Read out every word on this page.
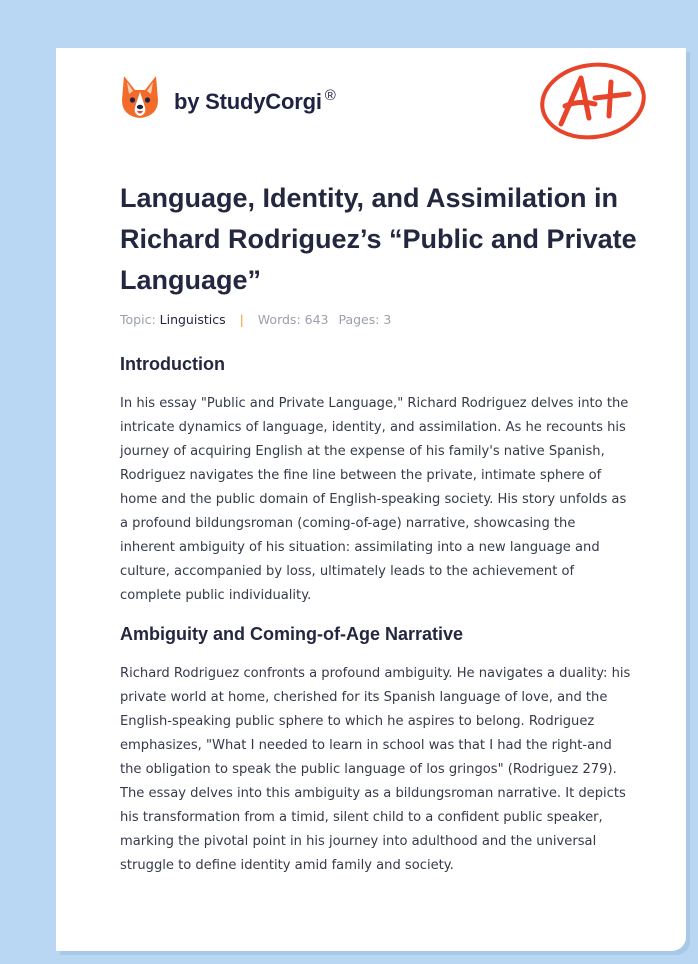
by StudyCorgi ®
Language, Identity, and Assimilation in Richard Rodriguez’s “Public and Private Language”
Topic: Linguistics | Words: 643 Pages: 3
Introduction

In his essay "Public and Private Language," Richard Rodriguez delves into the intricate dynamics of language, identity, and assimilation. As he recounts his journey of acquiring English at the expense of his family's native Spanish, Rodriguez navigates the fine line between the private, intimate sphere of home and the public domain of English-speaking society. His story unfolds as a profound bildungsroman (coming-of-age) narrative, showcasing the inherent ambiguity of his situation: assimilating into a new language and culture, accompanied by loss, ultimately leads to the achievement of complete public individuality.

Ambiguity and Coming-of-Age Narrative

Richard Rodriguez confronts a profound ambiguity. He navigates a duality: his private world at home, cherished for its Spanish language of love, and the English-speaking public sphere to which he aspires to belong. Rodriguez emphasizes, "What I needed to learn in school was that I had the right-and the obligation to speak the public language of los gringos" (Rodriguez 279). The essay delves into this ambiguity as a bildungsroman narrative. It depicts his transformation from a timid, silent child to a confident public speaker, marking the pivotal point in his journey into adulthood and the universal struggle to define identity amid family and society.
